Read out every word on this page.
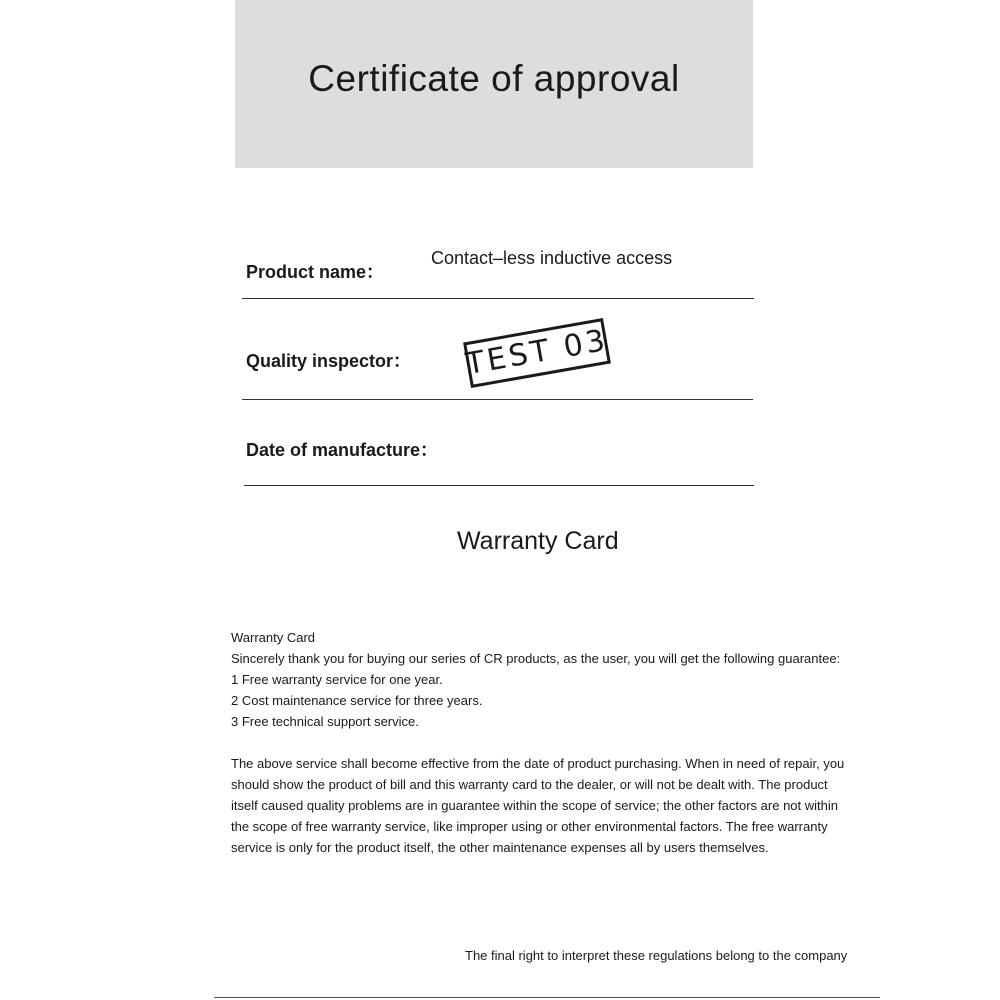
Certificate of approval
Product name：
Contact–less inductive access
Quality inspector： TEST 03
Date of manufacture：
Warranty Card
Warranty Card
Sincerely thank you for buying our series of CR products, as the user, you will get the following guarantee:
1 Free warranty service for one year.
2 Cost maintenance service for three years.
3 Free technical support service.
The above service shall become effective from the date of product purchasing. When in need of repair, you
should show the product of bill and this warranty card to the dealer, or will not be dealt with. The product
itself caused quality problems are in guarantee within the scope of service; the other factors are not within
the scope of free warranty service, like improper using or other environmental factors. The free warranty
service is only for the product itself, the other maintenance expenses all by users themselves.
The final right to interpret these regulations belong to the company
